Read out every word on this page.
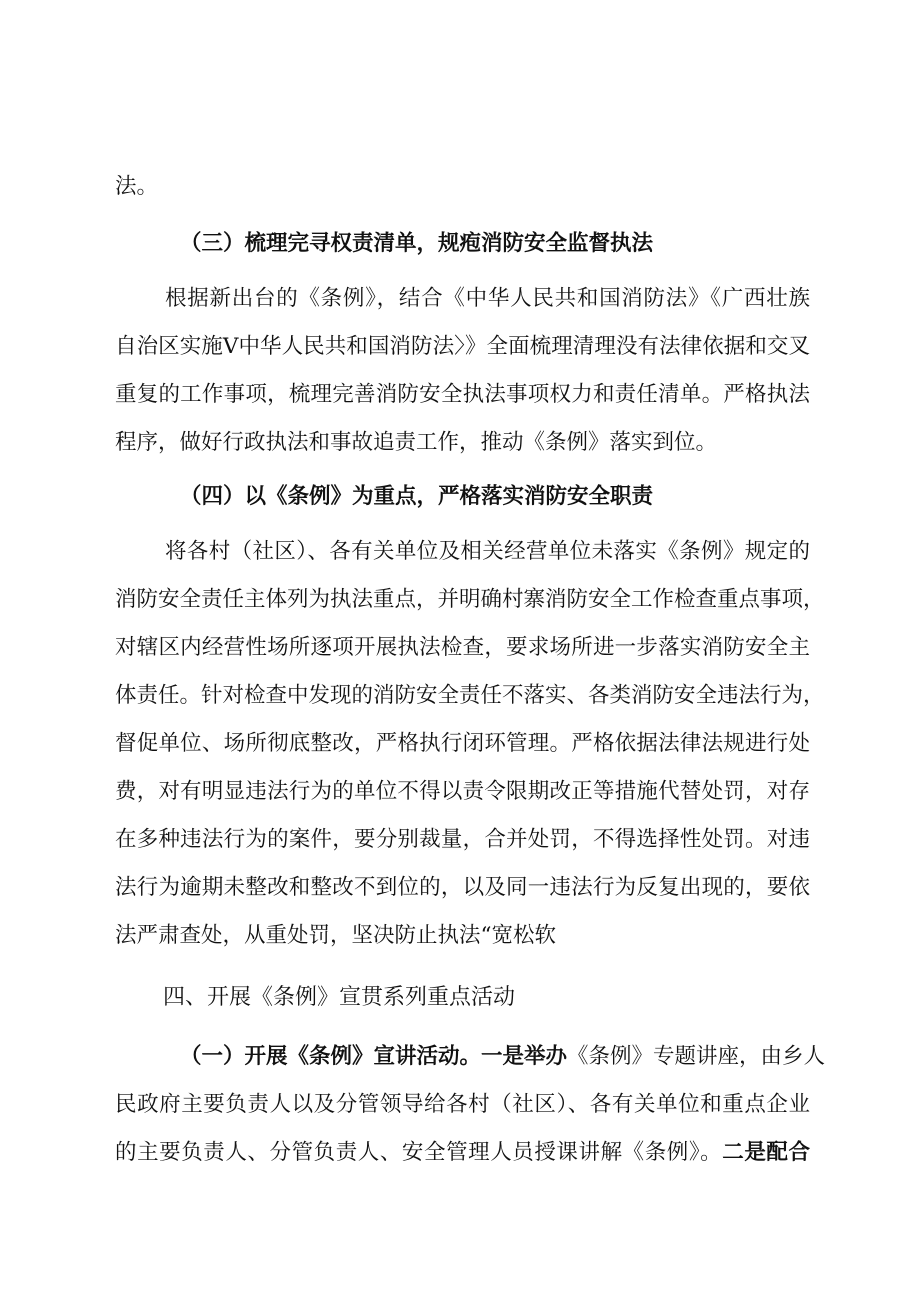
法。
（三）梳理完寻权责清单，规疱消防安全监督执法
根据新出台的《条例》，结合《中华人民共和国消防法》《广西壮族
自治区实施V中华人民共和国消防法〉》全面梳理清理没有法律依据和交叉
重复的工作事项，梳理完善消防安全执法事项权力和责任清单。严格执法
程序，做好行政执法和事故追责工作，推动《条例》落实到位。
（四）以《条例》为重点，严格落实消防安全职责
将各村（社区）、各有关单位及相关经营单位未落实《条例》规定的
消防安全责任主体列为执法重点，并明确村寨消防安全工作检查重点事项，
对辖区内经营性场所逐项开展执法检查，要求场所进一步落实消防安全主
体责任。针对检查中发现的消防安全责任不落实、各类消防安全违法行为，
督促单位、场所彻底整改，严格执行闭环管理。严格依据法律法规进行处
费，对有明显违法行为的单位不得以责令限期改正等措施代替处罚，对存
在多种违法行为的案件，要分别裁量，合并处罚，不得选择性处罚。对违
法行为逾期未整改和整改不到位的，以及同一违法行为反复出现的，要依
法严肃查处，从重处罚，坚决防止执法“宽松软
四、开展《条例》宣贯系列重点活动
（一）开展《条例》宣讲活动。一是举办《条例》专题讲座，由乡人
民政府主要负责人以及分管领导给各村（社区）、各有关单位和重点企业
的主要负责人、分管负责人、安全管理人员授课讲解《条例》。二是配合
